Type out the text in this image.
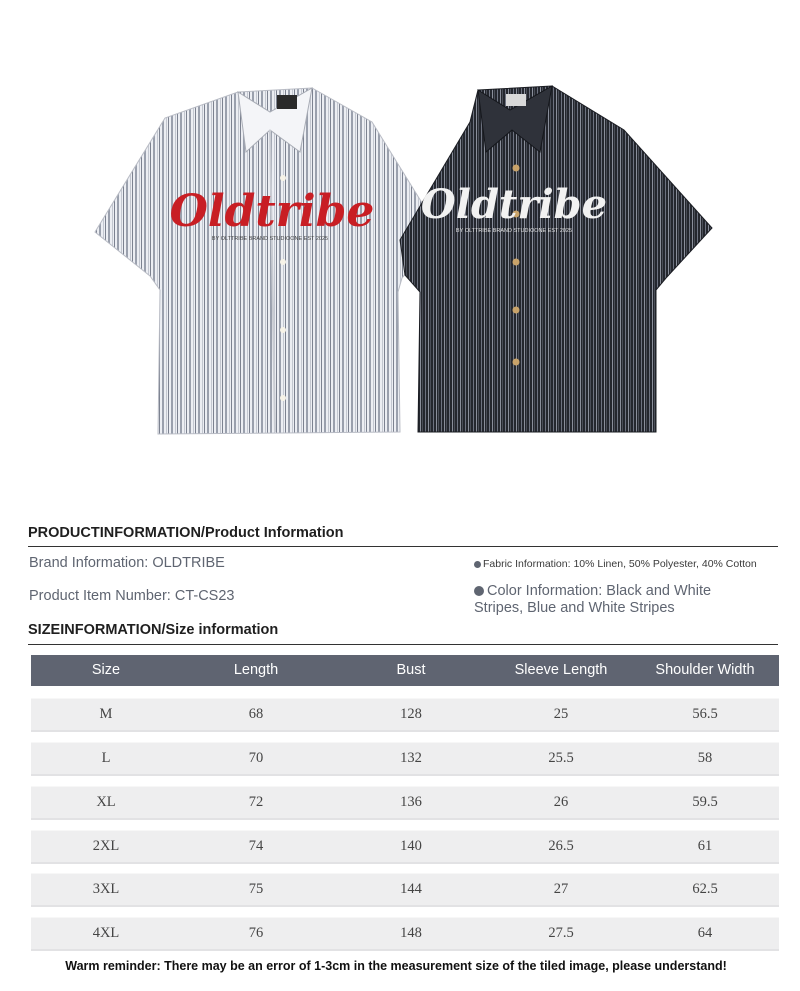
Oldtribe
BY OLTTRIBE BRAND STUDIOONE EST 2025
Oldtribe
BY OLTTRIBE BRAND STUDIOONE EST 2025
PRODUCTINFORMATION/Product Information
Brand Information: OLDTRIBE
Product Item Number: CT-CS23
Fabric Information: 10% Linen, 50% Polyester, 40% Cotton
Color Information: Black and White
Stripes, Blue and White Stripes
SIZEINFORMATION/Size information
Size	Length	Bust	Sleeve Length	Shoulder Width
M	68	128	25	56.5
L	70	132	25.5	58
XL	72	136	26	59.5
2XL	74	140	26.5	61
3XL	75	144	27	62.5
4XL	76	148	27.5	64
Warm reminder: There may be an error of 1-3cm in the measurement size of the tiled image, please understand!
